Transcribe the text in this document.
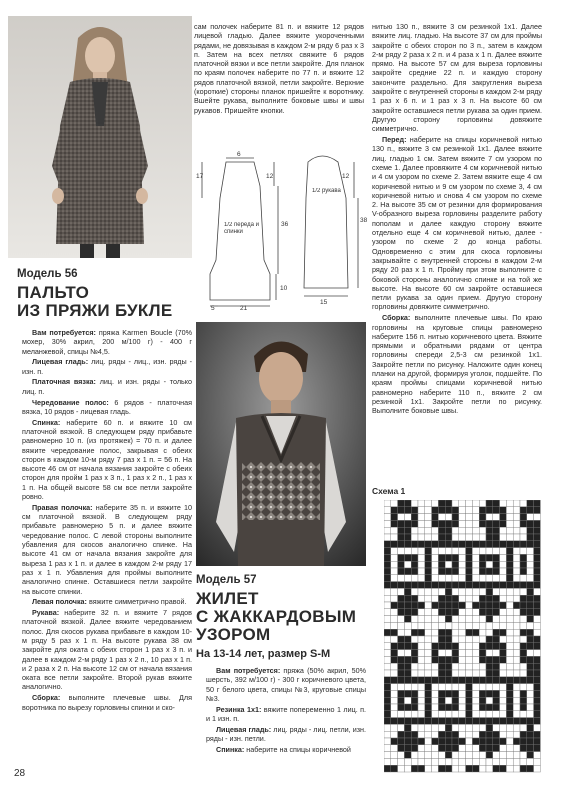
Модель 56
ПАЛЬТО
ИЗ ПРЯЖИ БУКЛЕ

Вам потребуется: пряжа Karmen Boucle (70% мохер, 30% акрил, 200 м/100 г) - 400 г меланжевой, спицы №4,5.

Лицевая гладь: лиц. ряды - лиц., изн. ряды - изн. п.

Платочная вязка: лиц. и изн. ряды - только лиц. п.

Чередование полос: 6 рядов - платочная вязка, 10 рядов - лицевая гладь.

Спинка: наберите 60 п. и вяжите 10 см платочной вязкой. В следующем ряду прибавьте равномерно 10 п. (из протяжек) = 70 п. и далее вяжите чередование полос, закрывая с обеих сторон в каждом 10-м ряду 7 раз х 1 п. = 56 п. На высоте 46 см от начала вязания закройте с обеих сторон для пройм 1 раз х 3 п., 1 раз х 2 п., 1 раз х 1 п. На общей высоте 58 см все петли закройте ровно.

Правая полочка: наберите 35 п. и вяжите 10 см платочной вязкой. В следующем ряду прибавьте равномерно 5 п. и далее вяжите чередование полос. С левой стороны выполните убавления для скосов аналогично спинке. На высоте 41 см от начала вязания закройте для выреза 1 раз х 1 п. и далее в каждом 2-м ряду 17 раз х 1 п. Убавления для проймы выполните аналогично спинке. Оставшиеся петли закройте на высоте спинки.

Левая полочка: вяжите симметрично правой.

Рукава: наберите 32 п. и вяжите 7 рядов платочной вязкой. Далее вяжите чередованием полос. Для скосов рукава прибавьте в каждом 10-м ряду 5 раз х 1 п. На высоте рукава 38 см закройте для оката с обеих сторон 1 раз х 3 п. и далее в каждом 2-м ряду 1 раз х 2 п., 10 раз х 1 п. и 2 раза х 2 п. На высоте 12 см от начала вязания оката все петли закройте. Второй рукав вяжите аналогично.

Сборка: выполните плечевые швы. Для воротника по вырезу горловины спинки и ско-

сам полочек наберите 81 п. и вяжите 12 рядов лицевой гладью. Далее вяжите укороченными рядами, не довязывая в каждом 2-м ряду 6 раз х 3 п. Затем на всех петлях свяжите 6 рядов платочной вязки и все петли закройте. Для планок по краям полочек наберите по 77 п. и вяжите 12 рядов платочной вязкой, петли закройте. Верхние (короткие) стороны планок пришейте к воротнику. Вшейте рукава, выполните боковые швы и швы рукавов. Пришейте кнопки.

17
6
12
36
10
5	21
12
38
15
1/2 переда и спинки
1/2 рукава
Модель 57
ЖИЛЕТ
С ЖАККАРДОВЫМ
УЗОРОМ
На 13-14 лет, размер S-M

Вам потребуется: пряжа (50% акрил, 50% шерсть, 392 м/100 г) - 300 г коричневого цвета, 50 г белого цвета, спицы №3, круговые спицы №3.

Резинка 1х1: вяжите попеременно 1 лиц. п. и 1 изн. п.

Лицевая гладь: лиц. ряды - лиц. петли, изн. ряды - изн. петли.

Спинка: наберите на спицы коричневой

нитью 130 п., вяжите 3 см резинкой 1х1. Далее вяжите лиц. гладью. На высоте 37 см для проймы закройте с обеих сторон по 3 п., затем в каждом 2-м ряду 2 раза х 2 п. и 4 раза х 1 п. Далее вяжите прямо. На высоте 57 см для выреза горловины закройте средние 22 п. и каждую сторону закончите раздельно. Для закругления выреза закройте с внутренней стороны в каждом 2-м ряду 1 раз х 6 п. и 1 раз х 3 п. На высоте 60 см закройте оставшиеся петли рукава за один прием. Другую сторону горловины довяжите симметрично.

Перед: наберите на спицы коричневой нитью 130 п., вяжите 3 см резинкой 1х1. Далее вяжите лиц. гладью 1 см. Затем вяжите 7 см узором по схеме 1. Далее провяжите 4 см коричневой нитью и 4 см узором по схеме 2. Затем вяжите еще 4 см коричневой нитью и 9 см узором по схеме 3, 4 см коричневой нитью и снова 4 см узором по схеме 2. На высоте 35 см от резинки для формирования V-образного выреза горловины разделите работу пополам и далее каждую сторону вяжите отдельно еще 4 см коричневой нитью, далее - узором по схеме 2 до конца работы. Одновременно с этим для скоса горловины закрывайте с внутренней стороны в каждом 2-м ряду 20 раз х 1 п. Пройму при этом выполните с боковой стороны аналогично спинке и на той же высоте. На высоте 60 см закройте оставшиеся петли рукава за один прием. Другую сторону горловины довяжите симметрично.

Сборка: выполните плечевые швы. По краю горловины на круговые спицы равномерно наберите 156 п. нитью коричневого цвета. Вяжите прямыми и обратными рядами от центра горловины спереди 2,5-3 см резинкой 1х1. Закройте петли по рисунку. Наложите один конец планки на другой, формируя уголок, подшейте. По краям проймы спицами коричневой нитью равномерно наберите 110 п., вяжите 2 см резинкой 1х1. Закройте петли по рисунку. Выполните боковые швы.

Схема 1
28
